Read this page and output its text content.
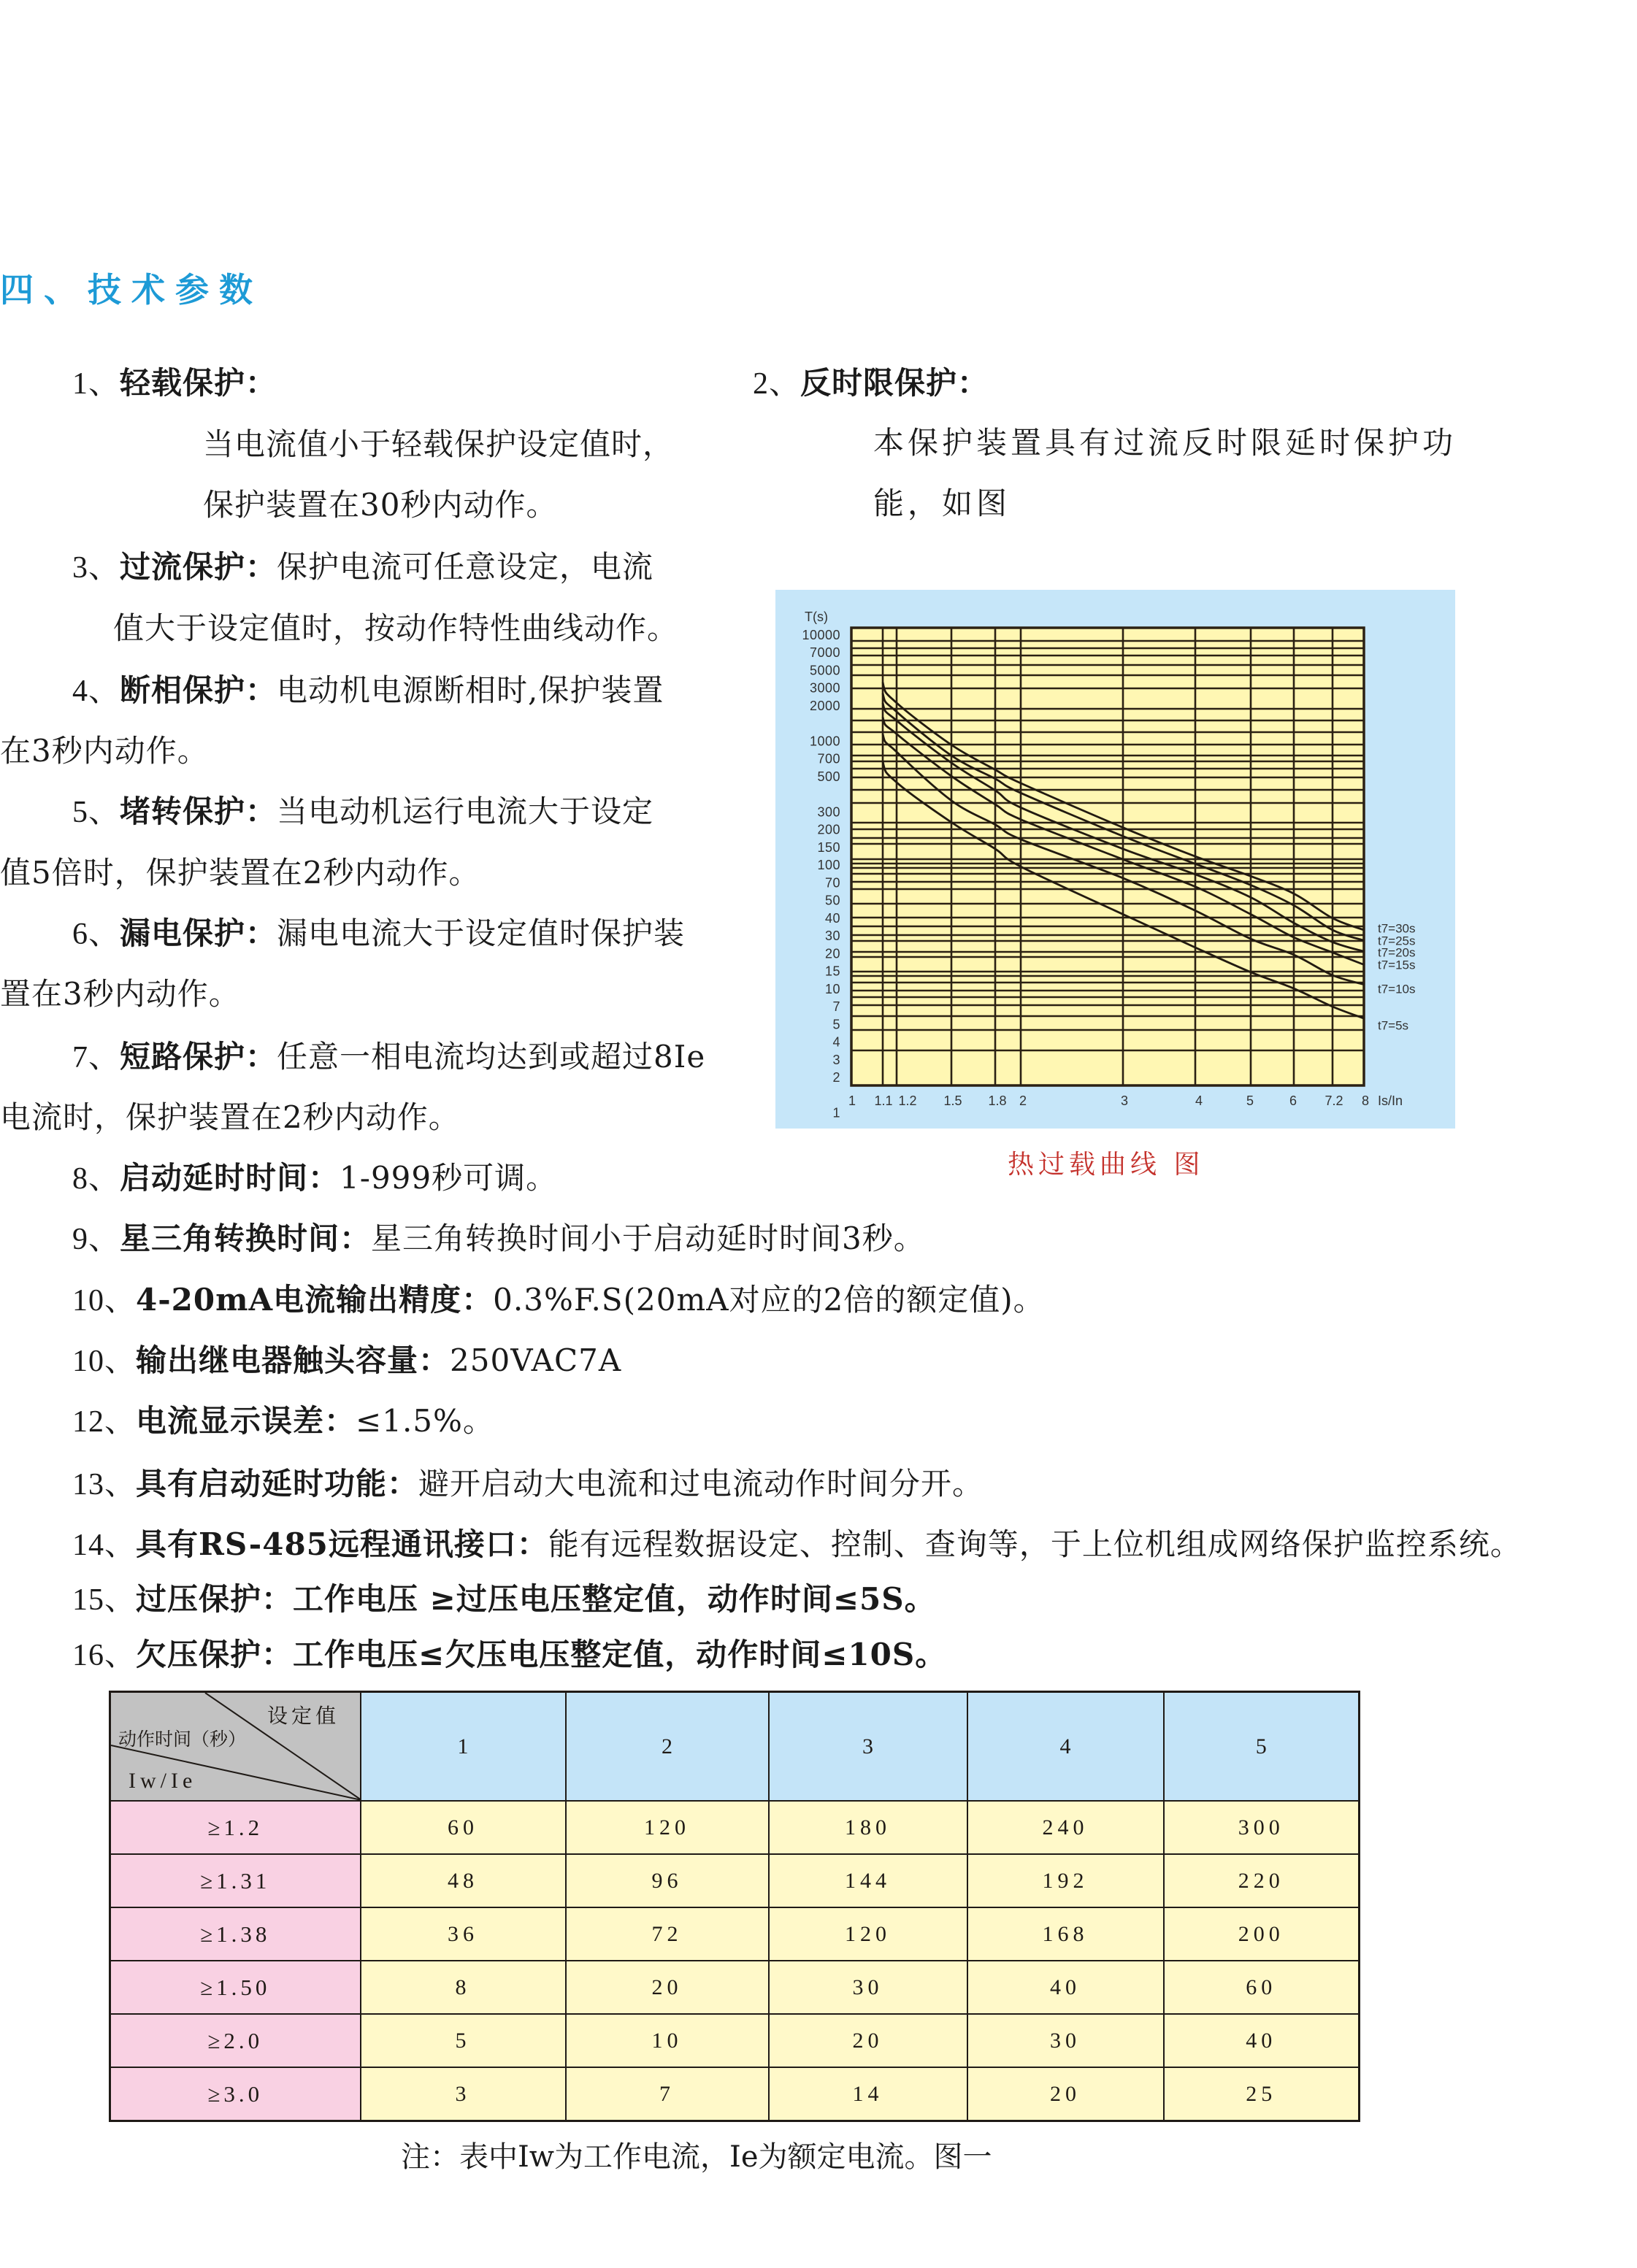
四、技术参数
1、轻载保护：
当电流值小于轻载保护设定值时，
保护装置在30秒内动作。
2、反时限保护：
本保护装置具有过流反时限延时保护功
能，如图
3、过流保护：保护电流可任意设定，电流
值大于设定值时，按动作特性曲线动作。
4、断相保护：电动机电源断相时,保护装置
在3秒内动作。
5、堵转保护：当电动机运行电流大于设定
值5倍时，保护装置在2秒内动作。
6、漏电保护：漏电电流大于设定值时保护装
置在3秒内动作。
7、短路保护：任意一相电流均达到或超过8Ie
电流时，保护装置在2秒内动作。
8、启动延时时间：1-999秒可调。
9、星三角转换时间：星三角转换时间小于启动延时时间3秒。
10、4-20mA电流输出精度：0.3%F.S(20mA对应的2倍的额定值)。
10、输出继电器触头容量：250VAC7A
12、电流显示误差：≤1.5%。
13、具有启动延时功能：避开启动大电流和过电流动作时间分开。
14、具有RS-485远程通讯接口：能有远程数据设定、控制、查询等，于上位机组成网络保护监控系统。
15、过压保护：工作电压 ≥过压电压整定值，动作时间≤5S。
16、欠压保护：工作电压≤欠压电压整定值，动作时间≤10S。
t7=30s
t7=25s
t7=20s
t7=15s
t7=10s
t7=5s
10000
7000
5000
3000
2000
1000
700
500
300
200
150
100
70
50
40
30
20
15
10
7
5
4
3
2
1
1 1.1 1.2 1.5 1.8 2	3	4	5	6 7.2 8 Is/In
T(s)
热过载曲线 图
设定值
动作时间（秒）
Iw/Ie	1	2	3	4	5
≥1.2	60	120	180	240	300
≥1.31	48	96	144	192	220
≥1.38	36	72	120	168	200
≥1.50	8	20	30	40	60
≥2.0	5	10	20	30	40
≥3.0	3	7	14	20	25
注：表中Iw为工作电流，Ie为额定电流。图一
